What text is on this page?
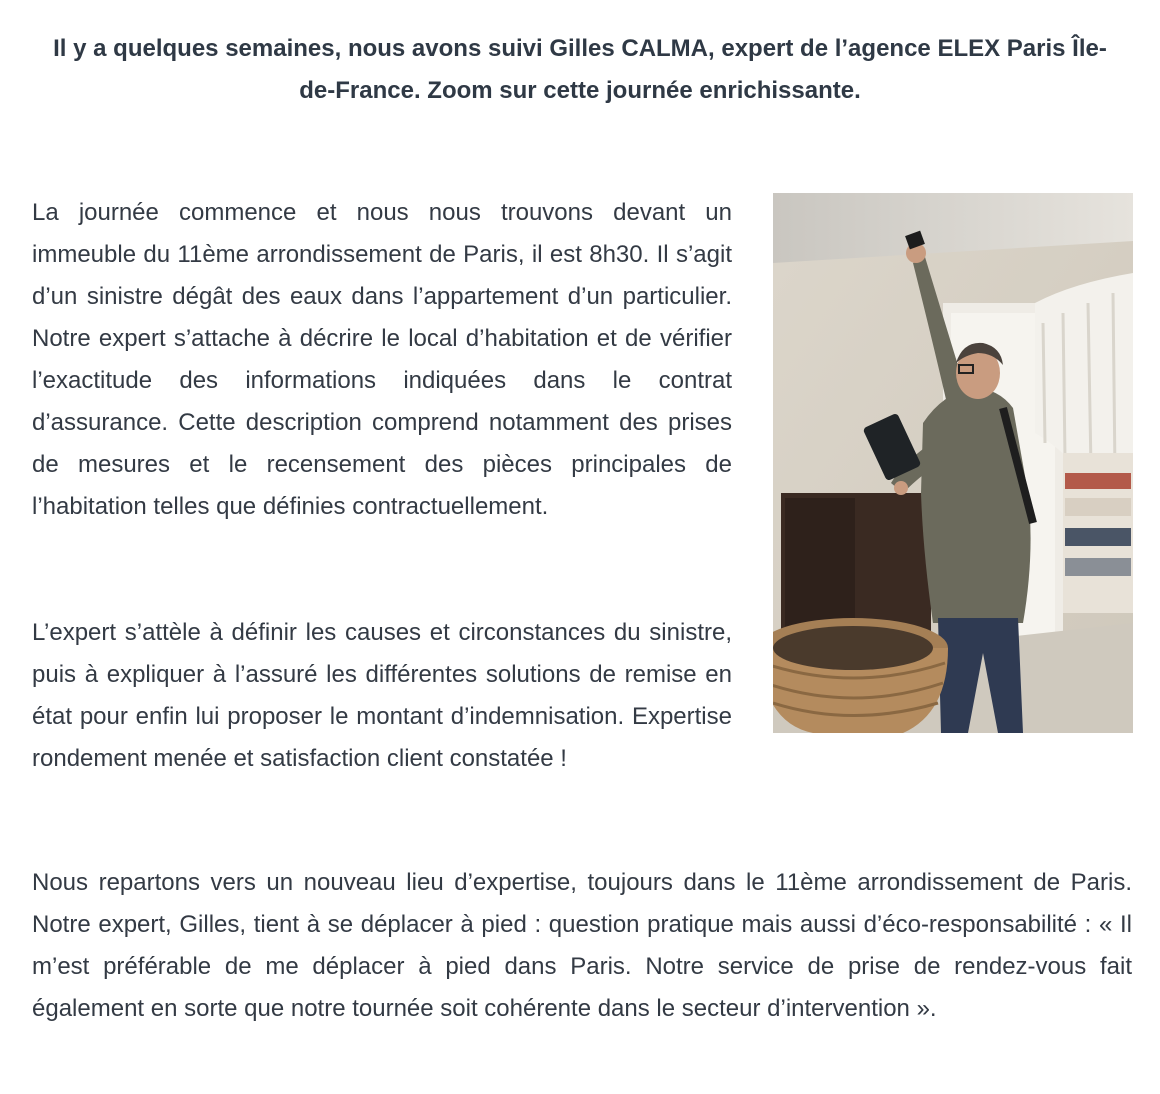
Il y a quelques semaines, nous avons suivi Gilles CALMA, expert de l’agence ELEX Paris Île-de-France. Zoom sur cette journée enrichissante.

La journée commence et nous nous trouvons devant un immeuble du 11ème arrondissement de Paris, il est 8h30. Il s’agit d’un sinistre dégât des eaux dans l’appartement d’un particulier. Notre expert s’attache à décrire le local d’habitation et de vérifier l’exactitude des informations indiquées dans le contrat d’assurance. Cette description comprend notamment des prises de mesures et le recensement des pièces principales de l’habitation telles que définies contractuellement.

L’expert s’attèle à définir les causes et circonstances du sinistre, puis à expliquer à l’assuré les différentes solutions de remise en état pour enfin lui proposer le montant d’indemnisation. Expertise rondement menée et satisfaction client constatée !

Nous repartons vers un nouveau lieu d’expertise, toujours dans le 11ème arrondissement de Paris. Notre expert, Gilles, tient à se déplacer à pied : question pratique mais aussi d’éco-responsabilité : « Il m’est préférable de me déplacer à pied dans Paris. Notre service de prise de rendez-vous fait également en sorte que notre tournée soit cohérente dans le secteur d’intervention ».
